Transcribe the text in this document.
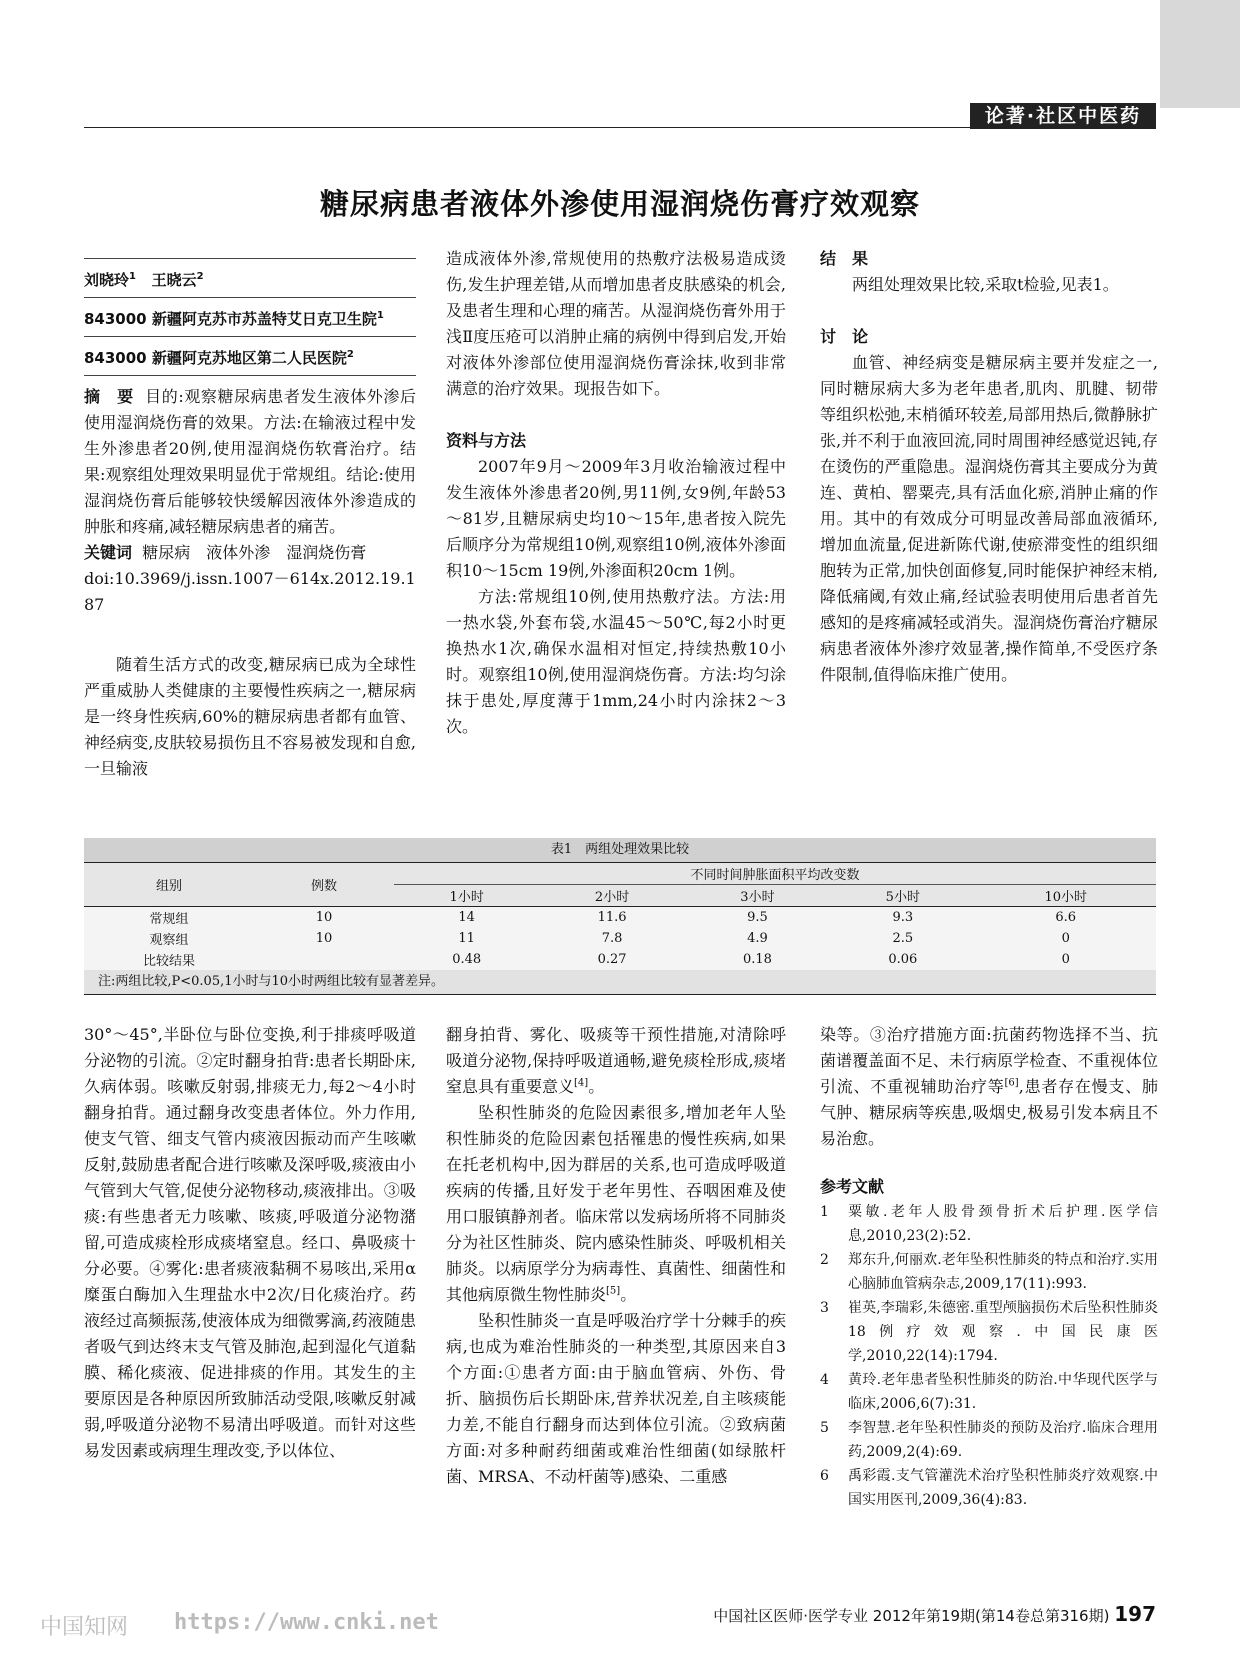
论著·社区中医药
糖尿病患者液体外渗使用湿润烧伤膏疗效观察
刘晓玲$^1$ 王晓云$^2$
843000 新疆阿克苏市苏盖特艾日克卫生院$^1$
843000 新疆阿克苏地区第二人民医院$^2$

摘　要 目的:观察糖尿病患者发生液体外渗后使用湿润烧伤膏的效果。方法:在输液过程中发生外渗患者20例,使用湿润烧伤软膏治疗。结果:观察组处理效果明显优于常规组。结论:使用湿润烧伤膏后能够较快缓解因液体外渗造成的肿胀和疼痛,减轻糖尿病患者的痛苦。

关键词 糖尿病　液体外渗　湿润烧伤膏

doi:10.3969/j.issn.1007－614x.2012.19.187

随着生活方式的改变,糖尿病已成为全球性严重威胁人类健康的主要慢性疾病之一,糖尿病是一终身性疾病,60%的糖尿病患者都有血管、神经病变,皮肤较易损伤且不容易被发现和自愈,一旦输液

造成液体外渗,常规使用的热敷疗法极易造成烫伤,发生护理差错,从而增加患者皮肤感染的机会,及患者生理和心理的痛苦。从湿润烧伤膏外用于浅Ⅱ度压疮可以消肿止痛的病例中得到启发,开始对液体外渗部位使用湿润烧伤膏涂抹,收到非常满意的治疗效果。现报告如下。

资料与方法

2007年9月～2009年3月收治输液过程中发生液体外渗患者20例,男11例,女9例,年龄53～81岁,且糖尿病史均10～15年,患者按入院先后顺序分为常规组10例,观察组10例,液体外渗面积10～15cm 19例,外渗面积20cm 1例。

方法:常规组10例,使用热敷疗法。方法:用一热水袋,外套布袋,水温45～50℃,每2小时更换热水1次,确保水温相对恒定,持续热敷10小时。观察组10例,使用湿润烧伤膏。方法:均匀涂抹于患处,厚度薄于1mm,24小时内涂抹2～3次。

结　果

两组处理效果比较,采取t检验,见表1。

讨　论

血管、神经病变是糖尿病主要并发症之一,同时糖尿病大多为老年患者,肌肉、肌腱、韧带等组织松弛,末梢循环较差,局部用热后,微静脉扩张,并不利于血液回流,同时周围神经感觉迟钝,存在烫伤的严重隐患。湿润烧伤膏其主要成分为黄连、黄柏、罂粟壳,具有活血化瘀,消肿止痛的作用。其中的有效成分可明显改善局部血液循环,增加血流量,促进新陈代谢,使瘀滞变性的组织细胞转为正常,加快创面修复,同时能保护神经末梢,降低痛阈,有效止痛,经试验表明使用后患者首先感知的是疼痛减轻或消失。湿润烧伤膏治疗糖尿病患者液体外渗疗效显著,操作简单,不受医疗条件限制,值得临床推广使用。

表1　两组处理效果比较
组别	例数	不同时间肿胀面积平均改变数				
		1小时	2小时	3小时	5小时	10小时
常规组	10	14	11.6	9.5	9.3	6.6
观察组	10	11	7.8	4.9	2.5	0
比较结果		0.48	0.27	0.18	0.06	0
注:两组比较,P<0.05,1小时与10小时两组比较有显著差异。

30°～45°,半卧位与卧位变换,利于排痰呼吸道分泌物的引流。②定时翻身拍背:患者长期卧床,久病体弱。咳嗽反射弱,排痰无力,每2～4小时翻身拍背。通过翻身改变患者体位。外力作用,使支气管、细支气管内痰液因振动而产生咳嗽反射,鼓励患者配合进行咳嗽及深呼吸,痰液由小气管到大气管,促使分泌物移动,痰液排出。③吸痰:有些患者无力咳嗽、咳痰,呼吸道分泌物潴留,可造成痰栓形成痰堵窒息。经口、鼻吸痰十分必要。④雾化:患者痰液黏稠不易咳出,采用α糜蛋白酶加入生理盐水中2次/日化痰治疗。药液经过高频振荡,使液体成为细微雾滴,药液随患者吸气到达终末支气管及肺泡,起到湿化气道黏膜、稀化痰液、促进排痰的作用。其发生的主要原因是各种原因所致肺活动受限,咳嗽反射减弱,呼吸道分泌物不易清出呼吸道。而针对这些易发因素或病理生理改变,予以体位、

翻身拍背、雾化、吸痰等干预性措施,对清除呼吸道分泌物,保持呼吸道通畅,避免痰栓形成,痰堵窒息具有重要意义[4]。

坠积性肺炎的危险因素很多,增加老年人坠积性肺炎的危险因素包括罹患的慢性疾病,如果在托老机构中,因为群居的关系,也可造成呼吸道疾病的传播,且好发于老年男性、吞咽困难及使用口服镇静剂者。临床常以发病场所将不同肺炎分为社区性肺炎、院内感染性肺炎、呼吸机相关肺炎。以病原学分为病毒性、真菌性、细菌性和其他病原微生物性肺炎[5]。

坠积性肺炎一直是呼吸治疗学十分棘手的疾病,也成为难治性肺炎的一种类型,其原因来自3个方面:①患者方面:由于脑血管病、外伤、骨折、脑损伤后长期卧床,营养状况差,自主咳痰能力差,不能自行翻身而达到体位引流。②致病菌方面:对多种耐药细菌或难治性细菌(如绿脓杆菌、MRSA、不动杆菌等)感染、二重感

染等。③治疗措施方面:抗菌药物选择不当、抗菌谱覆盖面不足、未行病原学检查、不重视体位引流、不重视辅助治疗等[6],患者存在慢支、肺气肿、糖尿病等疾患,吸烟史,极易引发本病且不易治愈。

参考文献

1 粟敏.老年人股骨颈骨折术后护理.医学信息,2010,23(2):52.
2 郑东升,何丽欢.老年坠积性肺炎的特点和治疗.实用心脑肺血管病杂志,2009,17(11):993.
3 崔英,李瑞彩,朱德密.重型颅脑损伤术后坠积性肺炎18例疗效观察.中国民康医学,2010,22(14):1794.
4 黄玲.老年患者坠积性肺炎的防治.中华现代医学与临床,2006,6(7):31.
5 李智慧.老年坠积性肺炎的预防及治疗.临床合理用药,2009,2(4):69.
6 禹彩霞.支气管灌洗术治疗坠积性肺炎疗效观察.中国实用医刊,2009,36(4):83.
中国社区医师·医学专业 2012年第19期(第14卷总第316期) 197
中国知网 https://www.cnki.net
